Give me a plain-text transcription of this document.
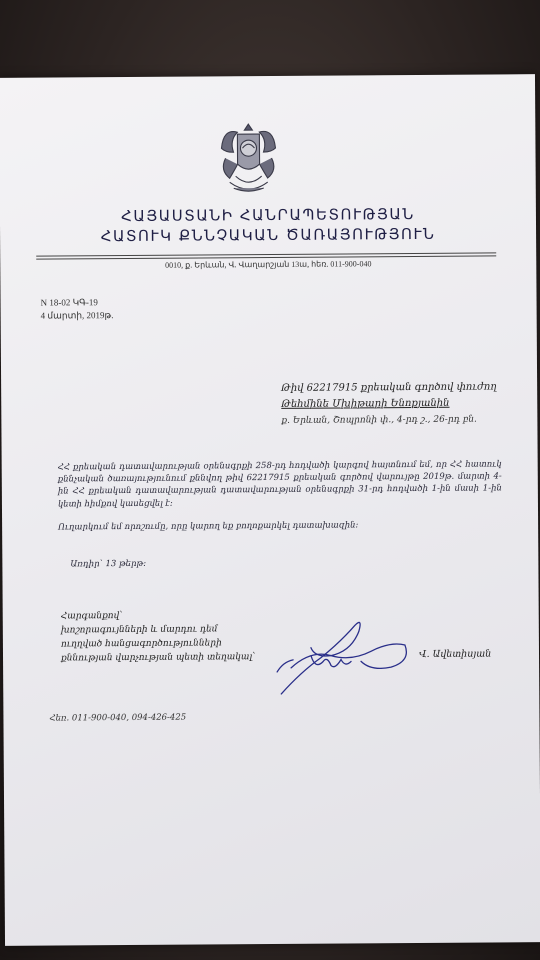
ՀԱՅԱՍՏԱՆԻ ՀԱՆՐԱՊԵՏՈՒԹՅԱՆ
ՀԱՏՈՒԿ ՔՆՆՉԱԿԱՆ ԾԱՌԱՅՈՒԹՅՈՒՆ
0010, ք. Երևան, Վ. Վաղարշյան 13ա, հեռ. 011-900-040
N 18-02 ԿԳ-19
4 մարտի, 2019թ.
Թիվ 62217915 քրեական գործով փուժող
Թեհմինե Մխիթարի Ենոքյանին
ք. Երևան, Շոպրոնի փ., 4-րդ շ., 26-րդ բն.
ՀՀ քրեական դատավարության օրենսգրքի 258-րդ հոդվածի կարգով հայտնում եմ, որ ՀՀ հատուկ քննչական ծառայությունում քննվող թիվ 62217915 քրեական գործով վարույթը 2019թ. մարտի 4-ին ՀՀ քրեական դատավարության դատավարության օրենսգրքի 31-րդ հոդվածի 1-ին մասի 1-ին կետի հիմքով կասեցվել է:
Ուղարկում եմ որոշումը, որը կարող եք բողոքարկել դատախազին:
Առդիր՝ 13 թերթ:
Հարգանքով՝
խոշորագույնների և մարդու դեմ
ուղղված հանցագործությունների
քննության վարչության պետի տեղակալ՝	Վ. Ավետիսյան
Հեռ. 011-900-040, 094-426-425
